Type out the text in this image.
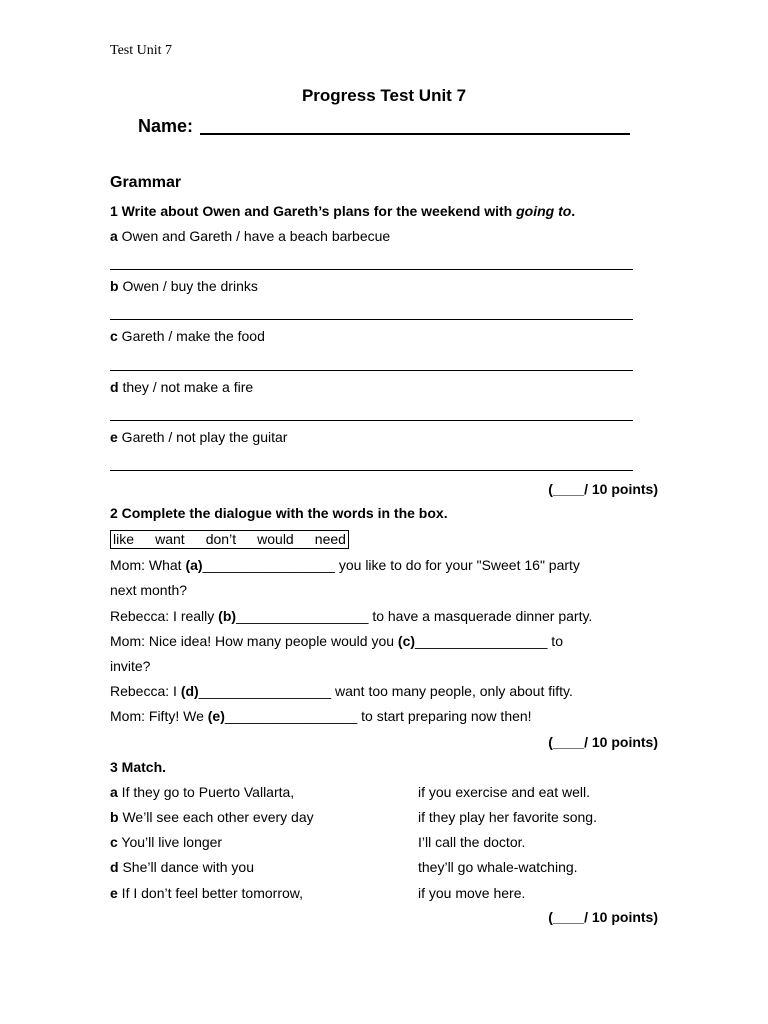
Test Unit 7
Progress Test Unit 7
Name:
Grammar
1 Write about Owen and Gareth’s plans for the weekend with going to.
a Owen and Gareth / have a beach barbecue
b Owen / buy the drinks
c Gareth / make the food
d they / not make a fire
e Gareth / not play the guitar
(____/ 10 points)
2 Complete the dialogue with the words in the box.
like want don’t would need
Mom: What (a)_________________ you like to do for your "Sweet 16" party
next month?
Rebecca: I really (b)_________________ to have a masquerade dinner party.
Mom: Nice idea! How many people would you (c)_________________ to
invite?
Rebecca: I (d)_________________ want too many people, only about fifty.
Mom: Fifty! We (e)_________________ to start preparing now then!
(____/ 10 points)
3 Match.
a If they go to Puerto Vallarta,
b We’ll see each other every day
c You’ll live longer
d She’ll dance with you
e If I don’t feel better tomorrow,
if you exercise and eat well.
if they play her favorite song.
I’ll call the doctor.
they’ll go whale-watching.
if you move here.
(____/ 10 points)
